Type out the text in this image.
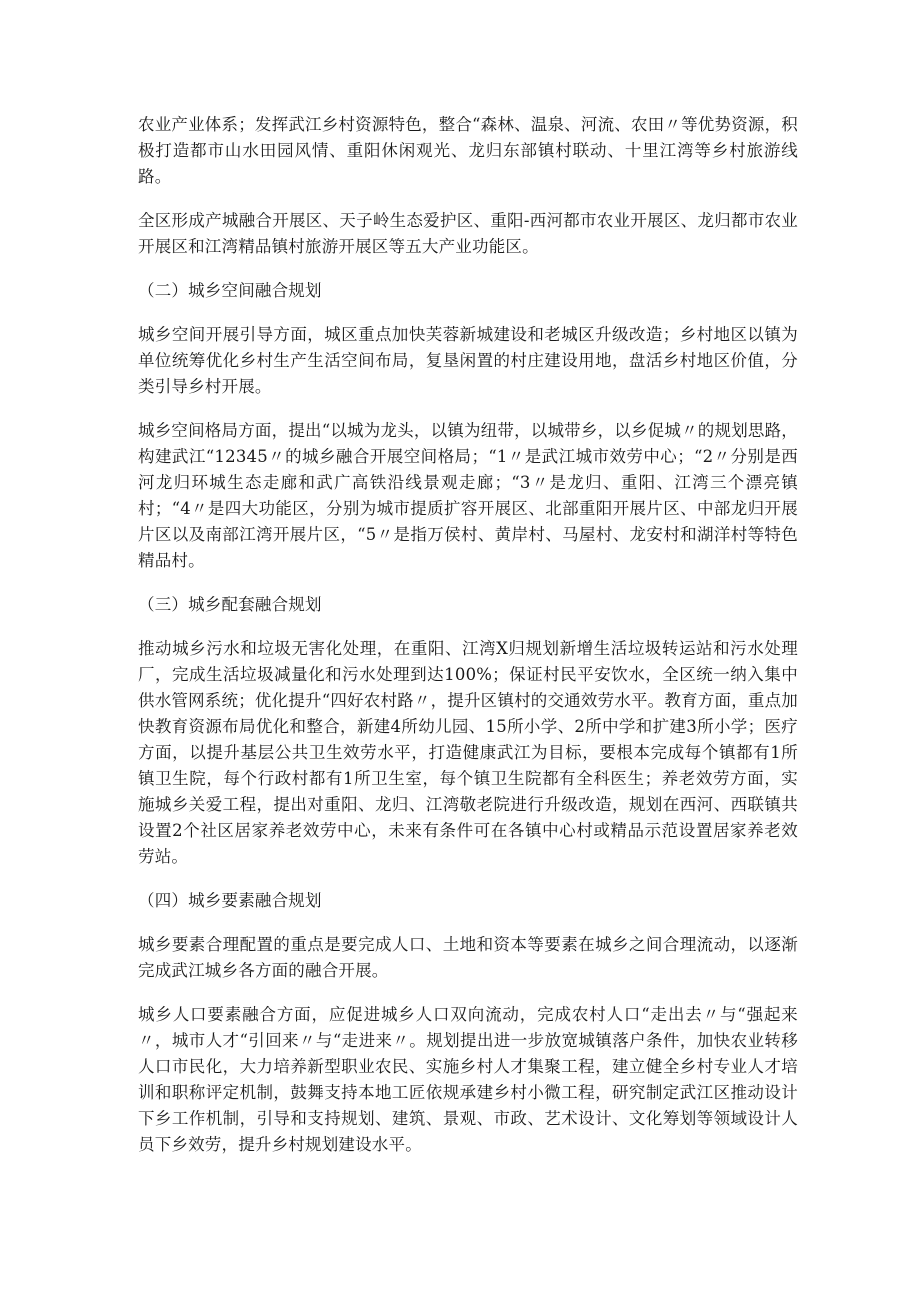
农业产业体系；发挥武江乡村资源特色，整合“森林、温泉、河流、农田〃等优势资源，积极打造都市山水田园风情、重阳休闲观光、龙归东部镇村联动、十里江湾等乡村旅游线路。

全区形成产城融合开展区、天子岭生态爱护区、重阳-西河都市农业开展区、龙归都市农业开展区和江湾精品镇村旅游开展区等五大产业功能区。

（二）城乡空间融合规划

城乡空间开展引导方面，城区重点加快芙蓉新城建设和老城区升级改造；乡村地区以镇为单位统筹优化乡村生产生活空间布局，复垦闲置的村庄建设用地，盘活乡村地区价值，分类引导乡村开展。

城乡空间格局方面，提出“以城为龙头，以镇为纽带，以城带乡，以乡促城〃的规划思路，构建武江“12345〃的城乡融合开展空间格局；“1〃是武江城市效劳中心；“2〃分别是西河龙归环城生态走廊和武广高铁沿线景观走廊；“3〃是龙归、重阳、江湾三个漂亮镇村；“4〃是四大功能区，分别为城市提质扩容开展区、北部重阳开展片区、中部龙归开展片区以及南部江湾开展片区，“5〃是指万侯村、黄岸村、马屋村、龙安村和湖洋村等特色精品村。

（三）城乡配套融合规划

推动城乡污水和垃圾无害化处理，在重阳、江湾X归规划新增生活垃圾转运站和污水处理厂，完成生活垃圾减量化和污水处理到达100%；保证村民平安饮水，全区统一纳入集中供水管网系统；优化提升“四好农村路〃，提升区镇村的交通效劳水平。教育方面，重点加快教育资源布局优化和整合，新建4所幼儿园、15所小学、2所中学和扩建3所小学；医疗方面，以提升基层公共卫生效劳水平，打造健康武江为目标，要根本完成每个镇都有1所镇卫生院，每个行政村都有1所卫生室，每个镇卫生院都有全科医生；养老效劳方面，实施城乡关爱工程，提出对重阳、龙归、江湾敬老院进行升级改造，规划在西河、西联镇共设置2个社区居家养老效劳中心，未来有条件可在各镇中心村或精品示范设置居家养老效劳站。

（四）城乡要素融合规划

城乡要素合理配置的重点是要完成人口、土地和资本等要素在城乡之间合理流动，以逐渐完成武江城乡各方面的融合开展。

城乡人口要素融合方面，应促进城乡人口双向流动，完成农村人口“走出去〃与“强起来〃，城市人才“引回来〃与“走进来〃。规划提出进一步放宽城镇落户条件，加快农业转移人口市民化，大力培养新型职业农民、实施乡村人才集聚工程，建立健全乡村专业人才培训和职称评定机制，鼓舞支持本地工匠依规承建乡村小微工程，研究制定武江区推动设计下乡工作机制，引导和支持规划、建筑、景观、市政、艺术设计、文化筹划等领域设计人员下乡效劳，提升乡村规划建设水平。
